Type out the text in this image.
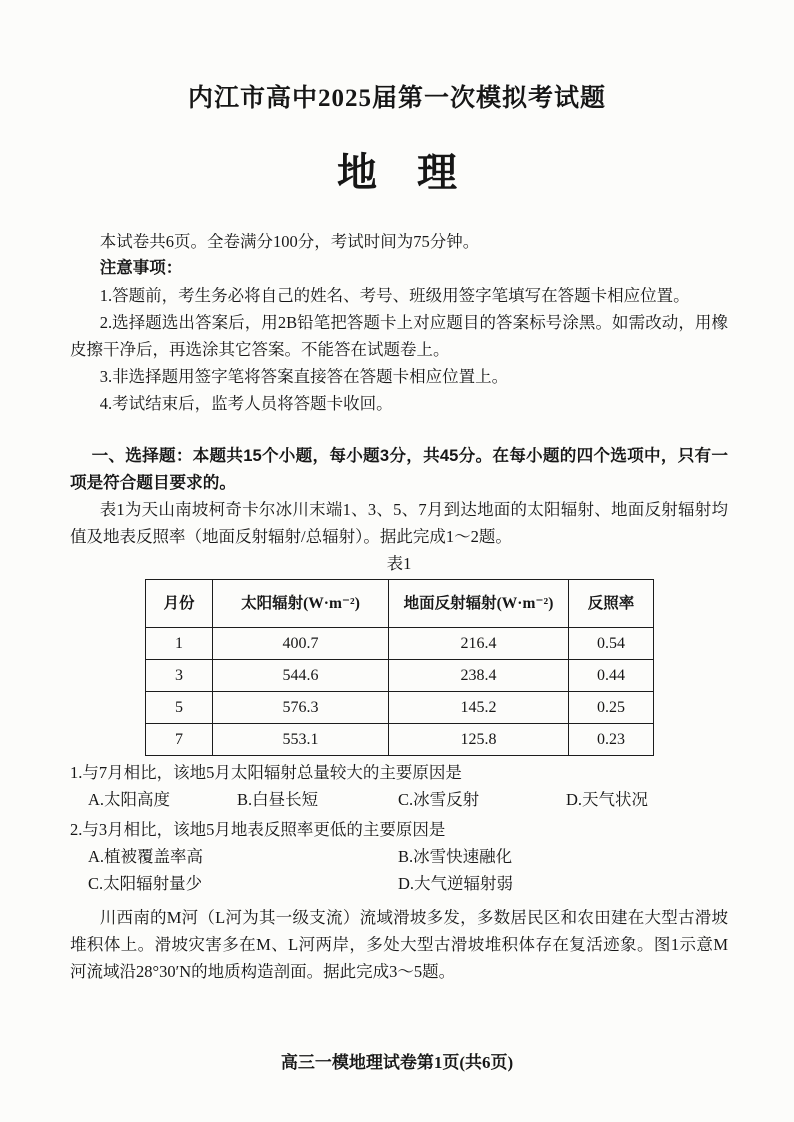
内江市高中2025届第一次模拟考试题
地　理

本试卷共6页。全卷满分100分，考试时间为75分钟。

注意事项：

1.答题前，考生务必将自己的姓名、考号、班级用签字笔填写在答题卡相应位置。

2.选择题选出答案后，用2B铅笔把答题卡上对应题目的答案标号涂黑。如需改动，用橡皮擦干净后，再选涂其它答案。不能答在试题卷上。

3.非选择题用签字笔将答案直接答在答题卡相应位置上。

4.考试结束后，监考人员将答题卡收回。

一、选择题：本题共15个小题，每小题3分，共45分。在每小题的四个选项中，只有一项是符合题目要求的。

表1为天山南坡柯奇卡尔冰川末端1、3、5、7月到达地面的太阳辐射、地面反射辐射均值及地表反照率（地面反射辐射/总辐射）。据此完成1～2题。

表1
月份	太阳辐射(W·m⁻²)	地面反射辐射(W·m⁻²)	反照率
1	400.7	216.4	0.54
3	544.6	238.4	0.44
5	576.3	145.2	0.25
7	553.1	125.8	0.23

1.与7月相比，该地5月太阳辐射总量较大的主要原因是

A.太阳高度	B.白昼长短	C.冰雪反射	D.天气状况

2.与3月相比，该地5月地表反照率更低的主要原因是

A.植被覆盖率高	B.冰雪快速融化
C.太阳辐射量少	D.大气逆辐射弱

川西南的M河（L河为其一级支流）流域滑坡多发，多数居民区和农田建在大型古滑坡堆积体上。滑坡灾害多在M、L河两岸，多处大型古滑坡堆积体存在复活迹象。图1示意M河流域沿28°30′N的地质构造剖面。据此完成3～5题。

高三一模地理试卷第1页(共6页)
